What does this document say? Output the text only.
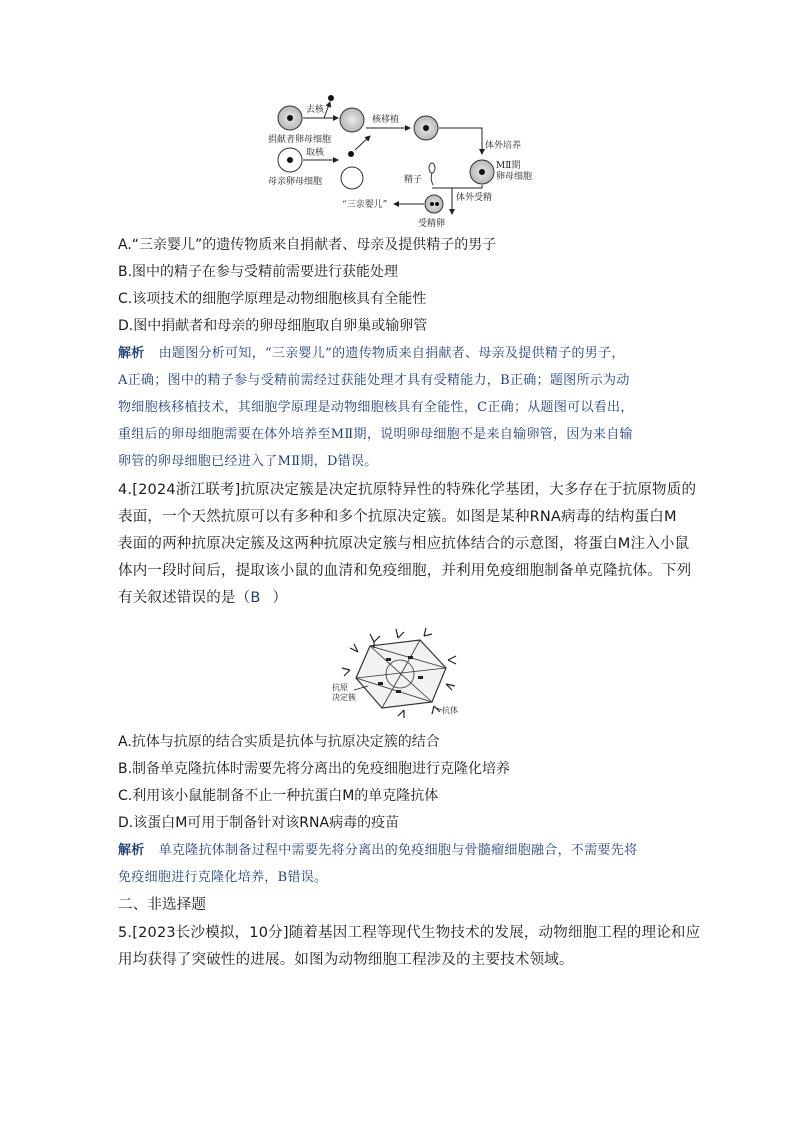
去核
捐献者卵母细胞
取核
母亲卵母细胞
核移植
体外培养
MⅡ期
卵母细胞
精子
体外受精
“三亲婴儿”
受精卵
A.“三亲婴儿”的遗传物质来自捐献者、母亲及提供精子的男子
B.图中的精子在参与受精前需要进行获能处理
C.该项技术的细胞学原理是动物细胞核具有全能性
D.图中捐献者和母亲的卵母细胞取自卵巢或输卵管
解析 由题图分析可知，“三亲婴儿”的遗传物质来自捐献者、母亲及提供精子的男子，
A正确；图中的精子参与受精前需经过获能处理才具有受精能力，B正确；题图所示为动
物细胞核移植技术，其细胞学原理是动物细胞核具有全能性，C正确；从题图可以看出，
重组后的卵母细胞需要在体外培养至MⅡ期，说明卵母细胞不是来自输卵管，因为来自输
卵管的卵母细胞已经进入了MⅡ期，D错误。
4.[2024浙江联考]抗原决定簇是决定抗原特异性的特殊化学基团，大多存在于抗原物质的
表面，一个天然抗原可以有多种和多个抗原决定簇。如图是某种RNA病毒的结构蛋白M
表面的两种抗原决定簇及这两种抗原决定簇与相应抗体结合的示意图，将蛋白M注入小鼠
体内一段时间后，提取该小鼠的血清和免疫细胞，并利用免疫细胞制备单克隆抗体。下列
有关叙述错误的是（B ）
抗原
决定簇
抗体
A.抗体与抗原的结合实质是抗体与抗原决定簇的结合
B.制备单克隆抗体时需要先将分离出的免疫细胞进行克隆化培养
C.利用该小鼠能制备不止一种抗蛋白M的单克隆抗体
D.该蛋白M可用于制备针对该RNA病毒的疫苗
解析 单克隆抗体制备过程中需要先将分离出的免疫细胞与骨髓瘤细胞融合，不需要先将
免疫细胞进行克隆化培养，B错误。
二、非选择题
5.[2023长沙模拟，10分]随着基因工程等现代生物技术的发展，动物细胞工程的理论和应
用均获得了突破性的进展。如图为动物细胞工程涉及的主要技术领域。
